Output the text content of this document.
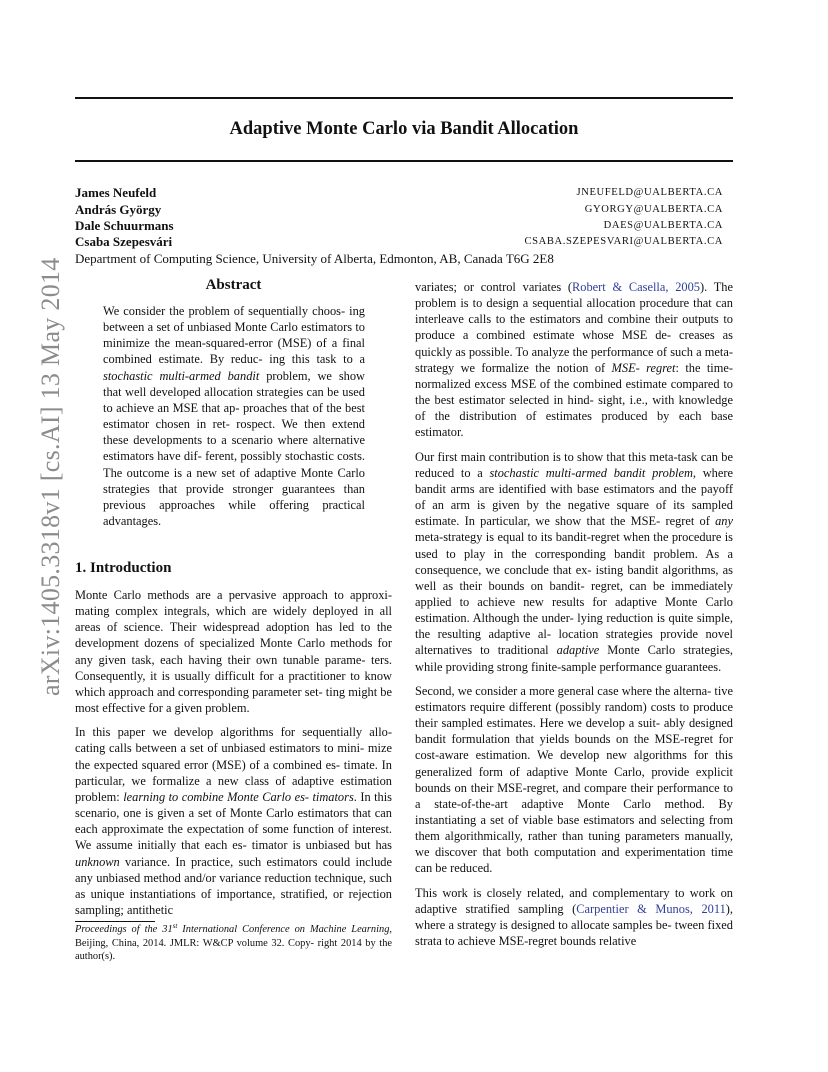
Adaptive Monte Carlo via Bandit Allocation
James Neufeld	JNEUFELD@UALBERTA.CA
András György	GYORGY@UALBERTA.CA
Dale Schuurmans	DAES@UALBERTA.CA
Csaba Szepesvári	CSABA.SZEPESVARI@UALBERTA.CA
Department of Computing Science, University of Alberta, Edmonton, AB, Canada T6G 2E8
arXiv:1405.3318v1 [cs.AI] 13 May 2014	Abstract

We consider the problem of sequentially choos- ing between a set of unbiased Monte Carlo estimators to minimize the mean-squared-error (MSE) of a final combined estimate. By reduc- ing this task to a stochastic multi-armed bandit problem, we show that well developed allocation strategies can be used to achieve an MSE that ap- proaches that of the best estimator chosen in ret- rospect. We then extend these developments to a scenario where alternative estimators have dif- ferent, possibly stochastic costs. The outcome is a new set of adaptive Monte Carlo strategies that provide stronger guarantees than previous approaches while offering practical advantages.

1. Introduction

Monte Carlo methods are a pervasive approach to approxi- mating complex integrals, which are widely deployed in all areas of science. Their widespread adoption has led to the development dozens of specialized Monte Carlo methods for any given task, each having their own tunable parame- ters. Consequently, it is usually difficult for a practitioner to know which approach and corresponding parameter set- ting might be most effective for a given problem.

In this paper we develop algorithms for sequentially allo- cating calls between a set of unbiased estimators to mini- mize the expected squared error (MSE) of a combined es- timate. In particular, we formalize a new class of adaptive estimation problem: learning to combine Monte Carlo es- timators. In this scenario, one is given a set of Monte Carlo estimators that can each approximate the expectation of some function of interest. We assume initially that each es- timator is unbiased but has unknown variance. In practice, such estimators could include any unbiased method and/or variance reduction technique, such as unique instantiations of importance, stratified, or rejection sampling; antithetic

Proceedings of the 31st International Conference on Machine Learning, Beijing, China, 2014. JMLR: W&CP volume 32. Copy- right 2014 by the author(s).

variates; or control variates (Robert & Casella, 2005). The problem is to design a sequential allocation procedure that can interleave calls to the estimators and combine their outputs to produce a combined estimate whose MSE de- creases as quickly as possible. To analyze the performance of such a meta-strategy we formalize the notion of MSE- regret: the time-normalized excess MSE of the combined estimate compared to the best estimator selected in hind- sight, i.e., with knowledge of the distribution of estimates produced by each base estimator.

Our first main contribution is to show that this meta-task can be reduced to a stochastic multi-armed bandit problem, where bandit arms are identified with base estimators and the payoff of an arm is given by the negative square of its sampled estimate. In particular, we show that the MSE- regret of any meta-strategy is equal to its bandit-regret when the procedure is used to play in the corresponding bandit problem. As a consequence, we conclude that ex- isting bandit algorithms, as well as their bounds on bandit- regret, can be immediately applied to achieve new results for adaptive Monte Carlo estimation. Although the under- lying reduction is quite simple, the resulting adaptive al- location strategies provide novel alternatives to traditional adaptive Monte Carlo strategies, while providing strong finite-sample performance guarantees.

Second, we consider a more general case where the alterna- tive estimators require different (possibly random) costs to produce their sampled estimates. Here we develop a suit- ably designed bandit formulation that yields bounds on the MSE-regret for cost-aware estimation. We develop new algorithms for this generalized form of adaptive Monte Carlo, provide explicit bounds on their MSE-regret, and compare their performance to a state-of-the-art adaptive Monte Carlo method. By instantiating a set of viable base estimators and selecting from them algorithmically, rather than tuning parameters manually, we discover that both computation and experimentation time can be reduced.

This work is closely related, and complementary to work on adaptive stratified sampling (Carpentier & Munos, 2011), where a strategy is designed to allocate samples be- tween fixed strata to achieve MSE-regret bounds relative
